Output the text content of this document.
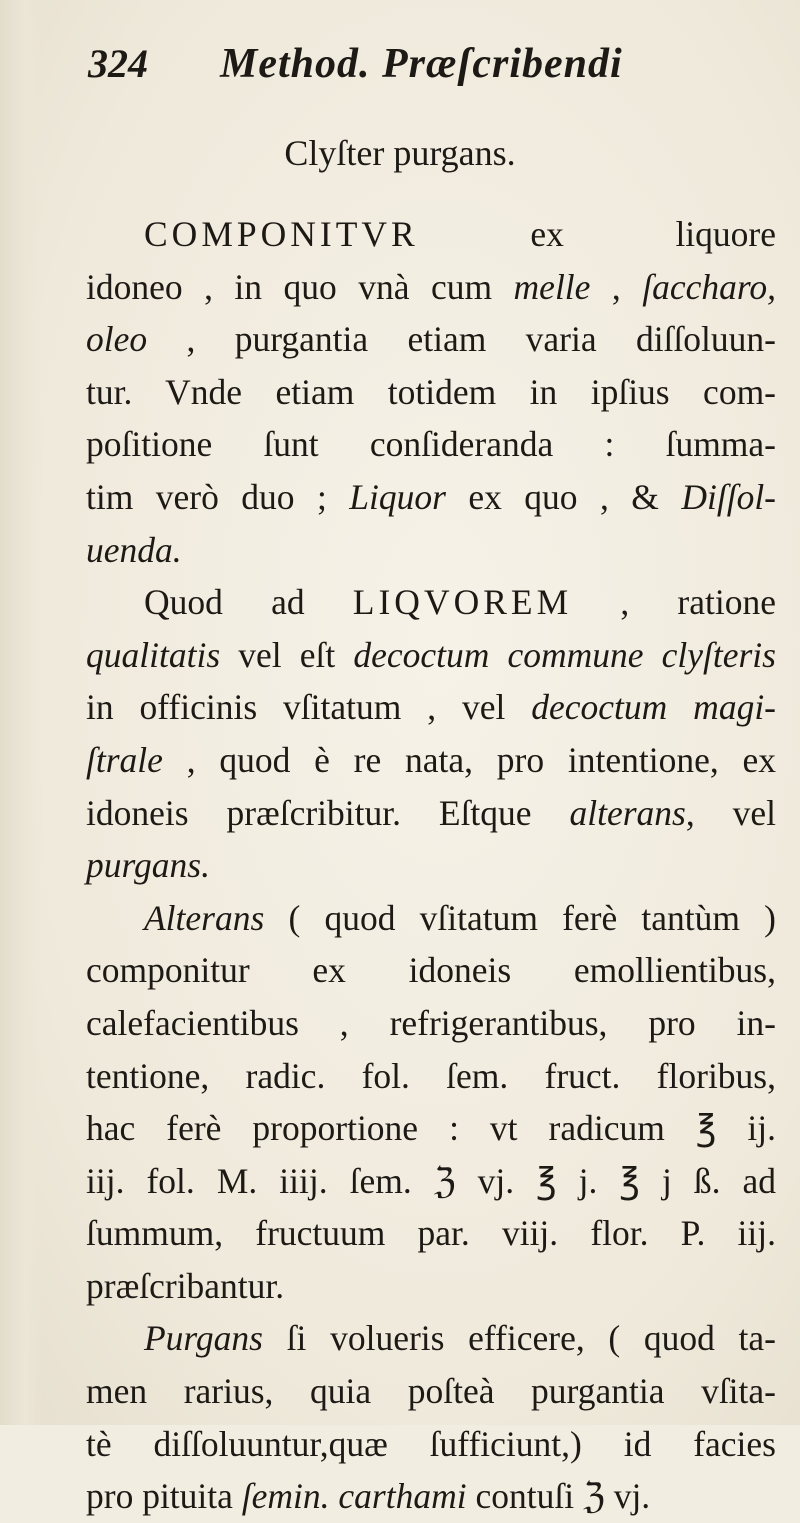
324 Method. Præſcribendi
Clyſter purgans.
COMPONITVR ex liquore
idoneo , in quo vnà cum melle , ſaccharo,
oleo , purgantia etiam varia diſſoluun-
tur. Vnde etiam totidem in ipſius com-
poſitione ſunt conſideranda : ſumma-
tim verò duo ; Liquor ex quo , & Diſſol-
uenda.
Quod ad LIQVOREM , ratione
qualitatis vel eſt decoctum commune clyſteris
in officinis vſitatum , vel decoctum magi-
ſtrale , quod è re nata, pro intentione, ex
idoneis præſcribitur. Eſtque alterans, vel
purgans.
Alterans ( quod vſitatum ferè tantùm )
componitur ex idoneis emollientibus,
calefacientibus , refrigerantibus, pro in-
tentione, radic. fol. ſem. fruct. floribus,
hac ferè proportione : vt radicum ℥ ij.
iij. fol. M. iiij. ſem. ℨ vj. ℥ j. ℥ j ß. ad
ſummum, fructuum par. viij. flor. P. iij.
præſcribantur.
Purgans ſi volueris efficere, ( quod ta-
men rarius, quia poſteà purgantia vſita-
tè diſſoluuntur,quæ ſufficiunt,) id facies
pro pituita ſemin. carthami contuſi ℨ vj.
